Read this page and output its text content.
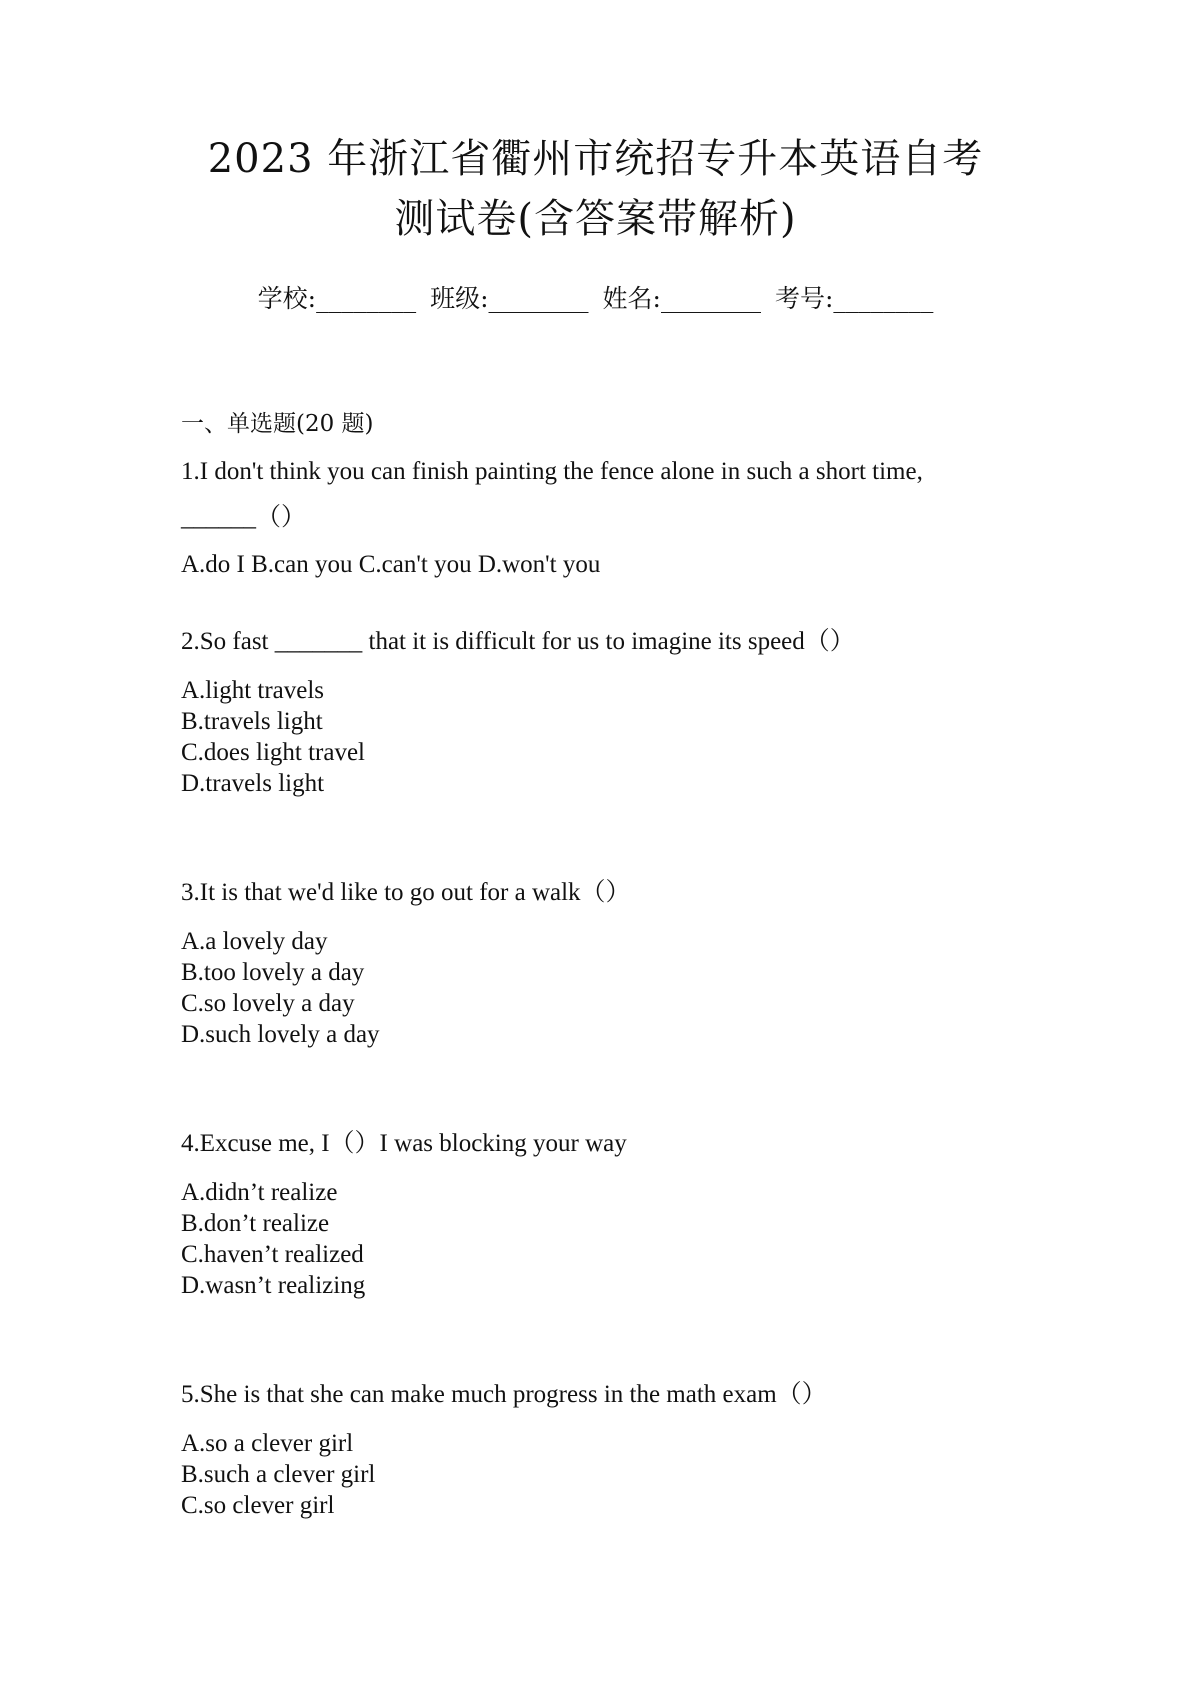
2023 年浙江省衢州市统招专升本英语自考
测试卷(含答案带解析)
学校:________ 班级:________ 姓名:________ 考号:________
一、单选题(20 题)
1.I don't think you can finish painting the fence alone in such a short time,
______（）
A.do I B.can you C.can't you D.won't you
2.So fast _______ that it is difficult for us to imagine its speed（）
A.light travels
B.travels light
C.does light travel
D.travels light
3.It is that we'd like to go out for a walk（）
A.a lovely day
B.too lovely a day
C.so lovely a day
D.such lovely a day
4.Excuse me, I（）I was blocking your way
A.didn’t realize
B.don’t realize
C.haven’t realized
D.wasn’t realizing
5.She is that she can make much progress in the math exam（）
A.so a clever girl
B.such a clever girl
C.so clever girl
